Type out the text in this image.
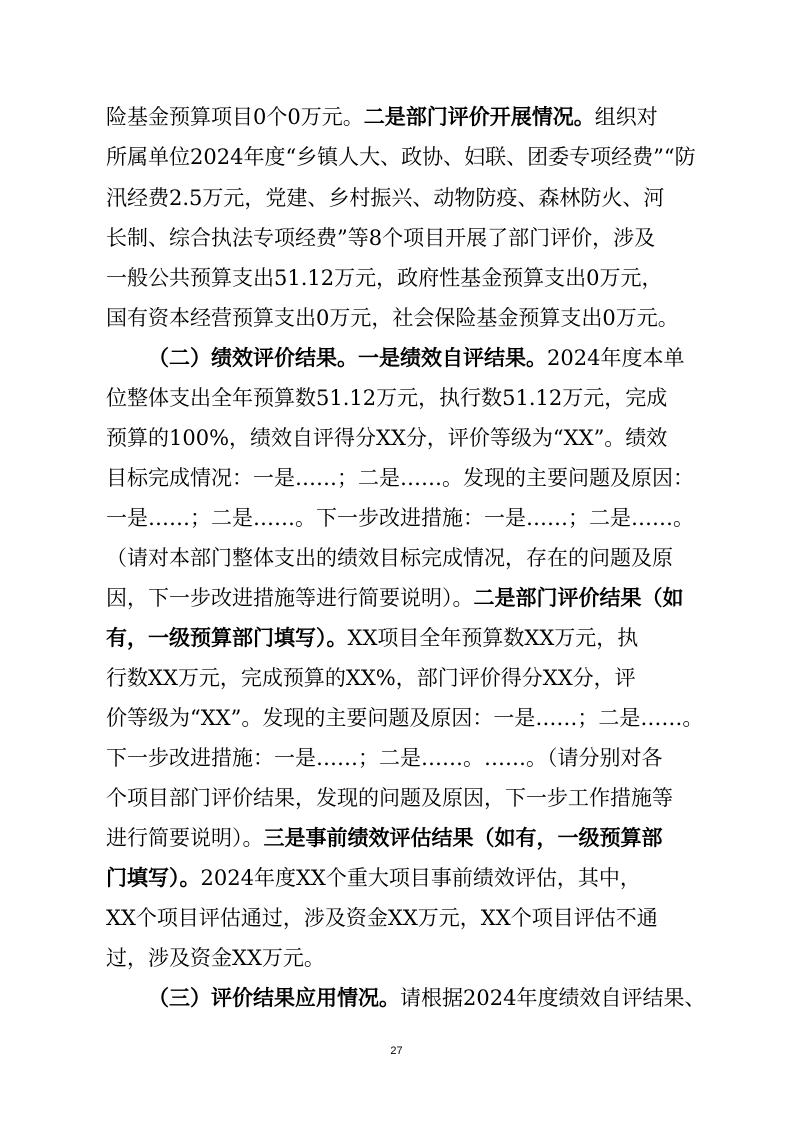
险基金预算项目0个0万元。二是部门评价开展情况。组织对
所属单位2024年度“乡镇人大、政协、妇联、团委专项经费”“防
汛经费2.5万元，党建、乡村振兴、动物防疫、森林防火、河
长制、综合执法专项经费”等8个项目开展了部门评价，涉及
一般公共预算支出51.12万元，政府性基金预算支出0万元，
国有资本经营预算支出0万元，社会保险基金预算支出0万元。
（二）绩效评价结果。一是绩效自评结果。2024年度本单
位整体支出全年预算数51.12万元，执行数51.12万元，完成
预算的100%，绩效自评得分XX分，评价等级为“XX”。绩效
目标完成情况：一是……；二是……。发现的主要问题及原因：
一是……；二是……。下一步改进措施：一是……；二是……。
（请对本部门整体支出的绩效目标完成情况，存在的问题及原
因，下一步改进措施等进行简要说明）。二是部门评价结果（如
有，一级预算部门填写）。XX项目全年预算数XX万元，执
行数XX万元，完成预算的XX%，部门评价得分XX分，评
价等级为“XX”。发现的主要问题及原因：一是……；二是……。
下一步改进措施：一是……；二是……。……。（请分别对各
个项目部门评价结果，发现的问题及原因，下一步工作措施等
进行简要说明）。三是事前绩效评估结果（如有，一级预算部
门填写）。2024年度XX个重大项目事前绩效评估，其中，
XX个项目评估通过，涉及资金XX万元，XX个项目评估不通
过，涉及资金XX万元。
（三）评价结果应用情况。请根据2024年度绩效自评结果、
27
